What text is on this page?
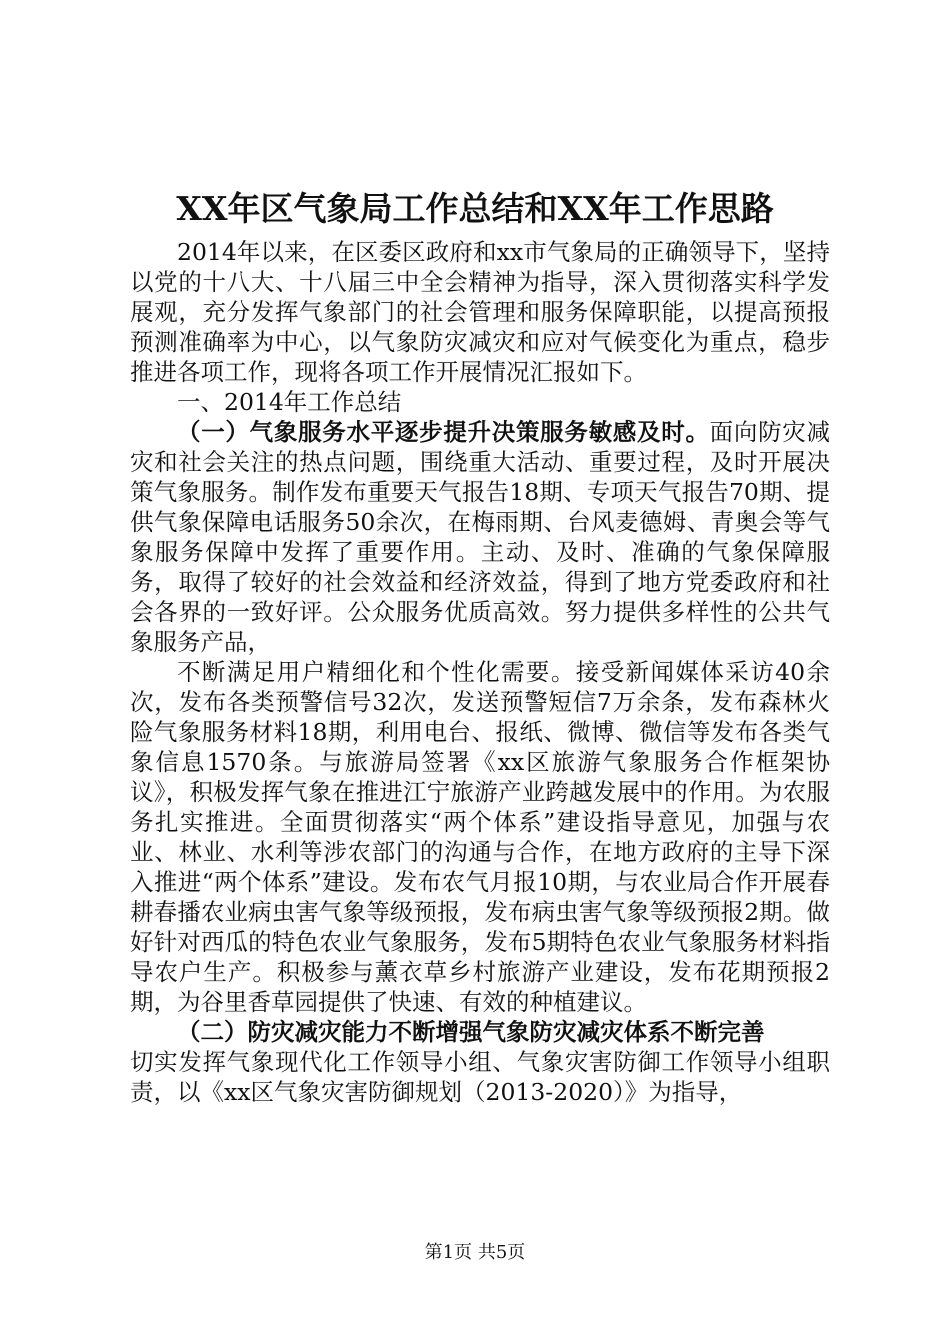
XX年区气象局工作总结和XX年工作思路

2014年以来，在区委区政府和xx市气象局的正确领导下，坚持以党的十八大、十八届三中全会精神为指导，深入贯彻落实科学发展观，充分发挥气象部门的社会管理和服务保障职能，以提高预报预测准确率为中心，以气象防灾减灾和应对气候变化为重点，稳步推进各项工作，现将各项工作开展情况汇报如下。

一、2014年工作总结

（一）气象服务水平逐步提升决策服务敏感及时。面向防灾减灾和社会关注的热点问题，围绕重大活动、重要过程，及时开展决策气象服务。制作发布重要天气报告18期、专项天气报告70期、提供气象保障电话服务50余次，在梅雨期、台风麦德姆、青奥会等气象服务保障中发挥了重要作用。主动、及时、准确的气象保障服务，取得了较好的社会效益和经济效益，得到了地方党委政府和社会各界的一致好评。公众服务优质高效。努力提供多样性的公共气象服务产品，

不断满足用户精细化和个性化需要。接受新闻媒体采访40余次，发布各类预警信号32次，发送预警短信7万余条，发布森林火险气象服务材料18期，利用电台、报纸、微博、微信等发布各类气象信息1570条。与旅游局签署《xx区旅游气象服务合作框架协议》，积极发挥气象在推进江宁旅游产业跨越发展中的作用。为农服务扎实推进。全面贯彻落实“两个体系”建设指导意见，加强与农业、林业、水利等涉农部门的沟通与合作，在地方政府的主导下深入推进“两个体系”建设。发布农气月报10期，与农业局合作开展春耕春播农业病虫害气象等级预报，发布病虫害气象等级预报2期。做好针对西瓜的特色农业气象服务，发布5期特色农业气象服务材料指导农户生产。积极参与薰衣草乡村旅游产业建设，发布花期预报2期，为谷里香草园提供了快速、有效的种植建议。

（二）防灾减灾能力不断增强气象防灾减灾体系不断完善

切实发挥气象现代化工作领导小组、气象灾害防御工作领导小组职责，以《xx区气象灾害防御规划（2013-2020）》为指导，

第1页 共5页
